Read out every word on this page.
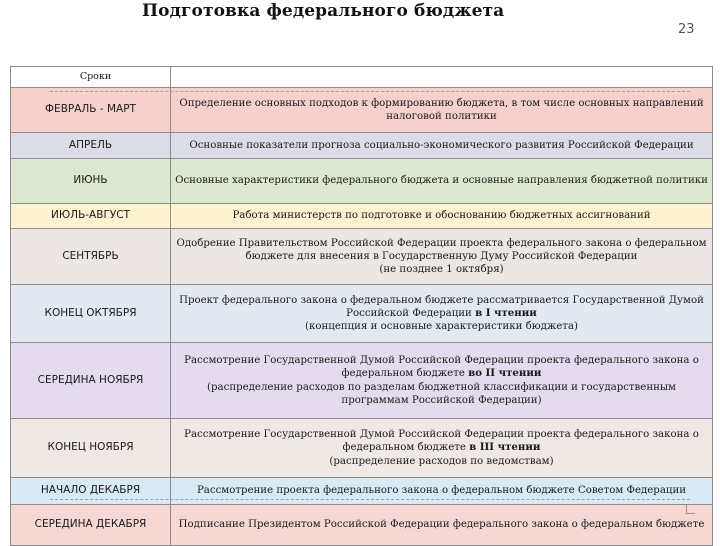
Подготовка федерального бюджета
23
Сроки	
ФЕВРАЛЬ - МАРТ	Определение основных подходов к формированию бюджета, в том числе основных направлений налоговой политики
АПРЕЛЬ	Основные показатели прогноза социально-экономического развития Российской Федерации
ИЮНЬ	Основные характеристики федерального бюджета и основные направления бюджетной политики
ИЮЛЬ-АВГУСТ	Работа министерств по подготовке и обоснованию бюджетных ассигнований
СЕНТЯБРЬ	Одобрение Правительством Российской Федерации проекта федерального закона о федеральном бюджете для внесения в Государственную Думу Российской Федерации
(не позднее 1 октября)
КОНЕЦ ОКТЯБРЯ	Проект федерального закона о федеральном бюджете рассматривается Государственной Думой Российской Федерации в I чтении
(концепция и основные характеристики бюджета)
СЕРЕДИНА НОЯБРЯ	Рассмотрение Государственной Думой Российской Федерации проекта федерального закона о федеральном бюджете во II чтении
(распределение расходов по разделам бюджетной классификации и государственным программам Российской Федерации)
КОНЕЦ НОЯБРЯ	Рассмотрение Государственной Думой Российской Федерации проекта федерального закона о федеральном бюджете в III чтении
(распределение расходов по ведомствам)
НАЧАЛО ДЕКАБРЯ	Рассмотрение проекта федерального закона о федеральном бюджете Советом Федерации
СЕРЕДИНА ДЕКАБРЯ	Подписание Президентом Российской Федерации федерального закона о федеральном бюджете
